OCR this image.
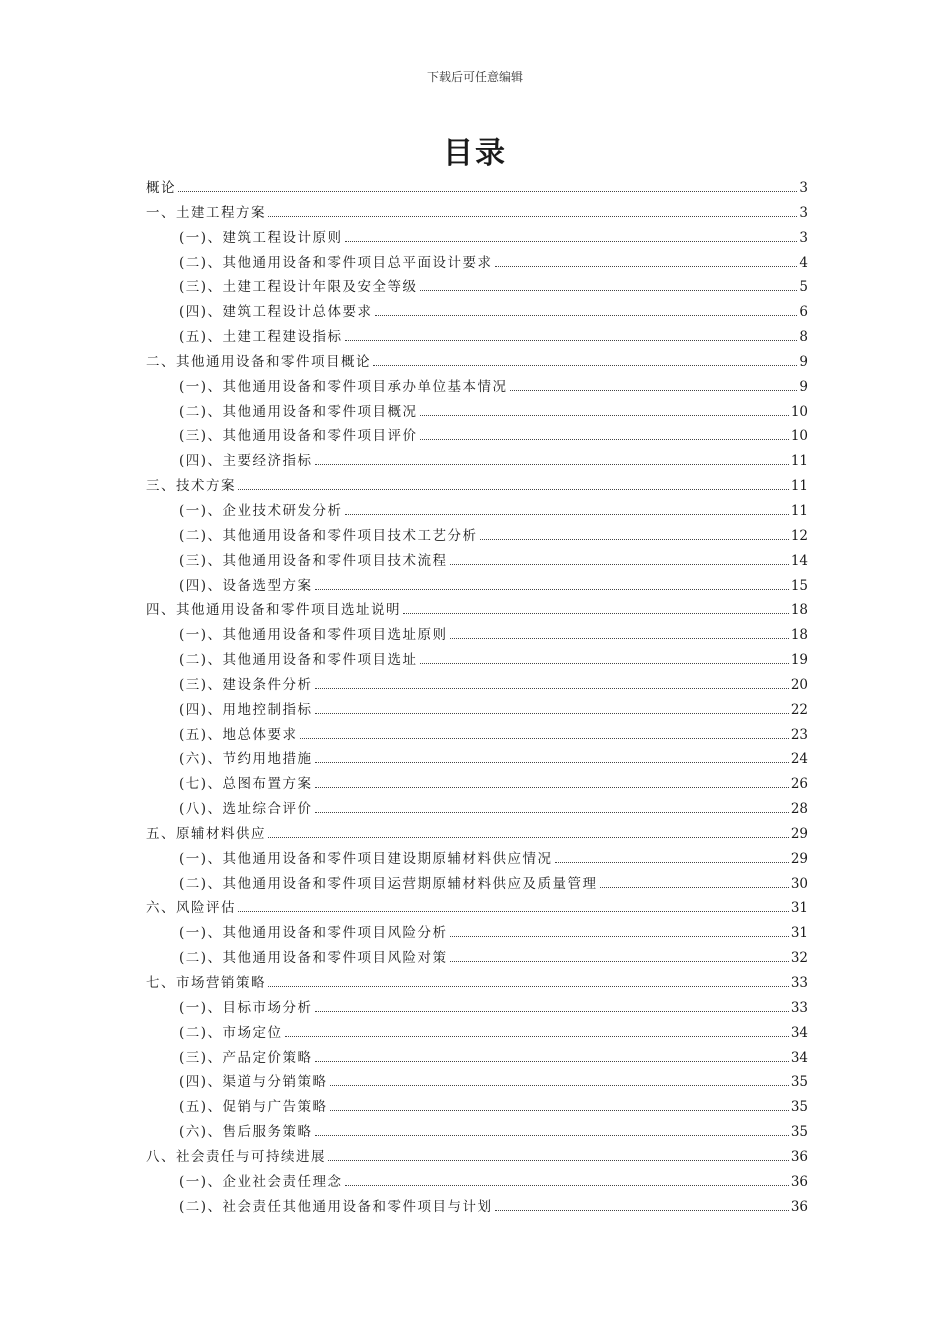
下载后可任意编辑
目录
概论	3
一、土建工程方案	3
(一)、建筑工程设计原则	3
(二)、其他通用设备和零件项目总平面设计要求	4
(三)、土建工程设计年限及安全等级	5
(四)、建筑工程设计总体要求	6
(五)、土建工程建设指标	8
二、其他通用设备和零件项目概论	9
(一)、其他通用设备和零件项目承办单位基本情况	9
(二)、其他通用设备和零件项目概况	10
(三)、其他通用设备和零件项目评价	10
(四)、主要经济指标	11
三、技术方案	11
(一)、企业技术研发分析	11
(二)、其他通用设备和零件项目技术工艺分析	12
(三)、其他通用设备和零件项目技术流程	14
(四)、设备选型方案	15
四、其他通用设备和零件项目选址说明	18
(一)、其他通用设备和零件项目选址原则	18
(二)、其他通用设备和零件项目选址	19
(三)、建设条件分析	20
(四)、用地控制指标	22
(五)、地总体要求	23
(六)、节约用地措施	24
(七)、总图布置方案	26
(八)、选址综合评价	28
五、原辅材料供应	29
(一)、其他通用设备和零件项目建设期原辅材料供应情况	29
(二)、其他通用设备和零件项目运营期原辅材料供应及质量管理	30
六、风险评估	31
(一)、其他通用设备和零件项目风险分析	31
(二)、其他通用设备和零件项目风险对策	32
七、市场营销策略	33
(一)、目标市场分析	33
(二)、市场定位	34
(三)、产品定价策略	34
(四)、渠道与分销策略	35
(五)、促销与广告策略	35
(六)、售后服务策略	35
八、社会责任与可持续进展	36
(一)、企业社会责任理念	36
(二)、社会责任其他通用设备和零件项目与计划	36
